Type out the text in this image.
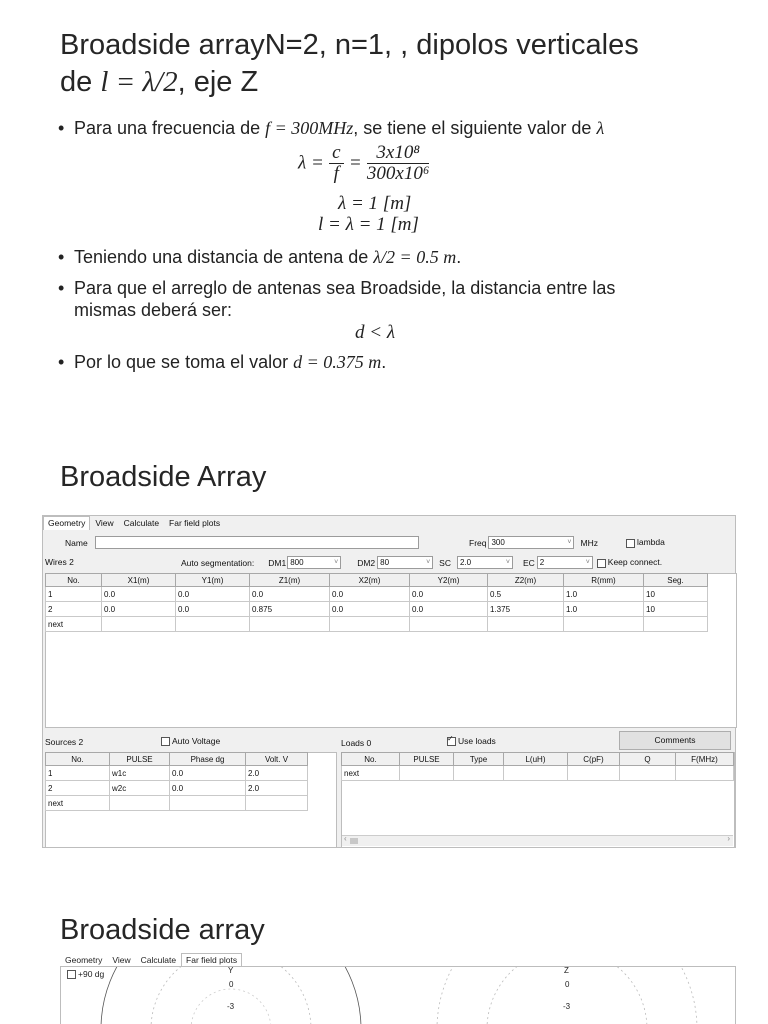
Broadside arrayN=2, n=1, , dipolos verticales
de l = λ/2, eje Z
• Para una frecuencia de f = 300MHz, se tiene el siguiente valor de λ
$\lambda = \frac{c}{f} = \frac{\text{3x10⁸}}{\text{300x10⁶}}$
λ = 1 [m]
l = λ = 1 [m]
• Teniendo una distancia de antena de λ/2 = 0.5 m.
• Para que el arreglo de antenas sea Broadside, la distancia entre las
mismas deberá ser:
d < λ
• Por lo que se toma el valor d = 0.375 m.
Broadside Array
Geometry	View	Calculate	Far field plots
Name	Freq 300	˅ MHz	lambda
Wires 2	Auto segmentation: DM1 800	˅ DM2 80	˅ SC	2.0	˅ EC 2	˅	Keep connect.
No.	X1(m)	Y1(m)	Z1(m)	X2(m)	Y2(m)	Z2(m)	R(mm)	Seg.
1	0.0	0.0	0.0	0.0	0.0	0.5	1.0	10
2	0.0	0.0	0.875	0.0	0.0	1.375	1.0	10
next								
Sources 2	Auto Voltage
No.	PULSE	Phase dg	Volt. V
1	w1c	0.0	2.0
2	w2c	0.0	2.0
next			
Loads 0 ✓	Use loads	Comments
No.	PULSE	Type	L(uH)	C(pF)	Q	F(MHz)
next						
‹	›
Broadside array
Geometry	View	Calculate	Far field plots
+90 dg	Y
0
-3
Z
0
-3
